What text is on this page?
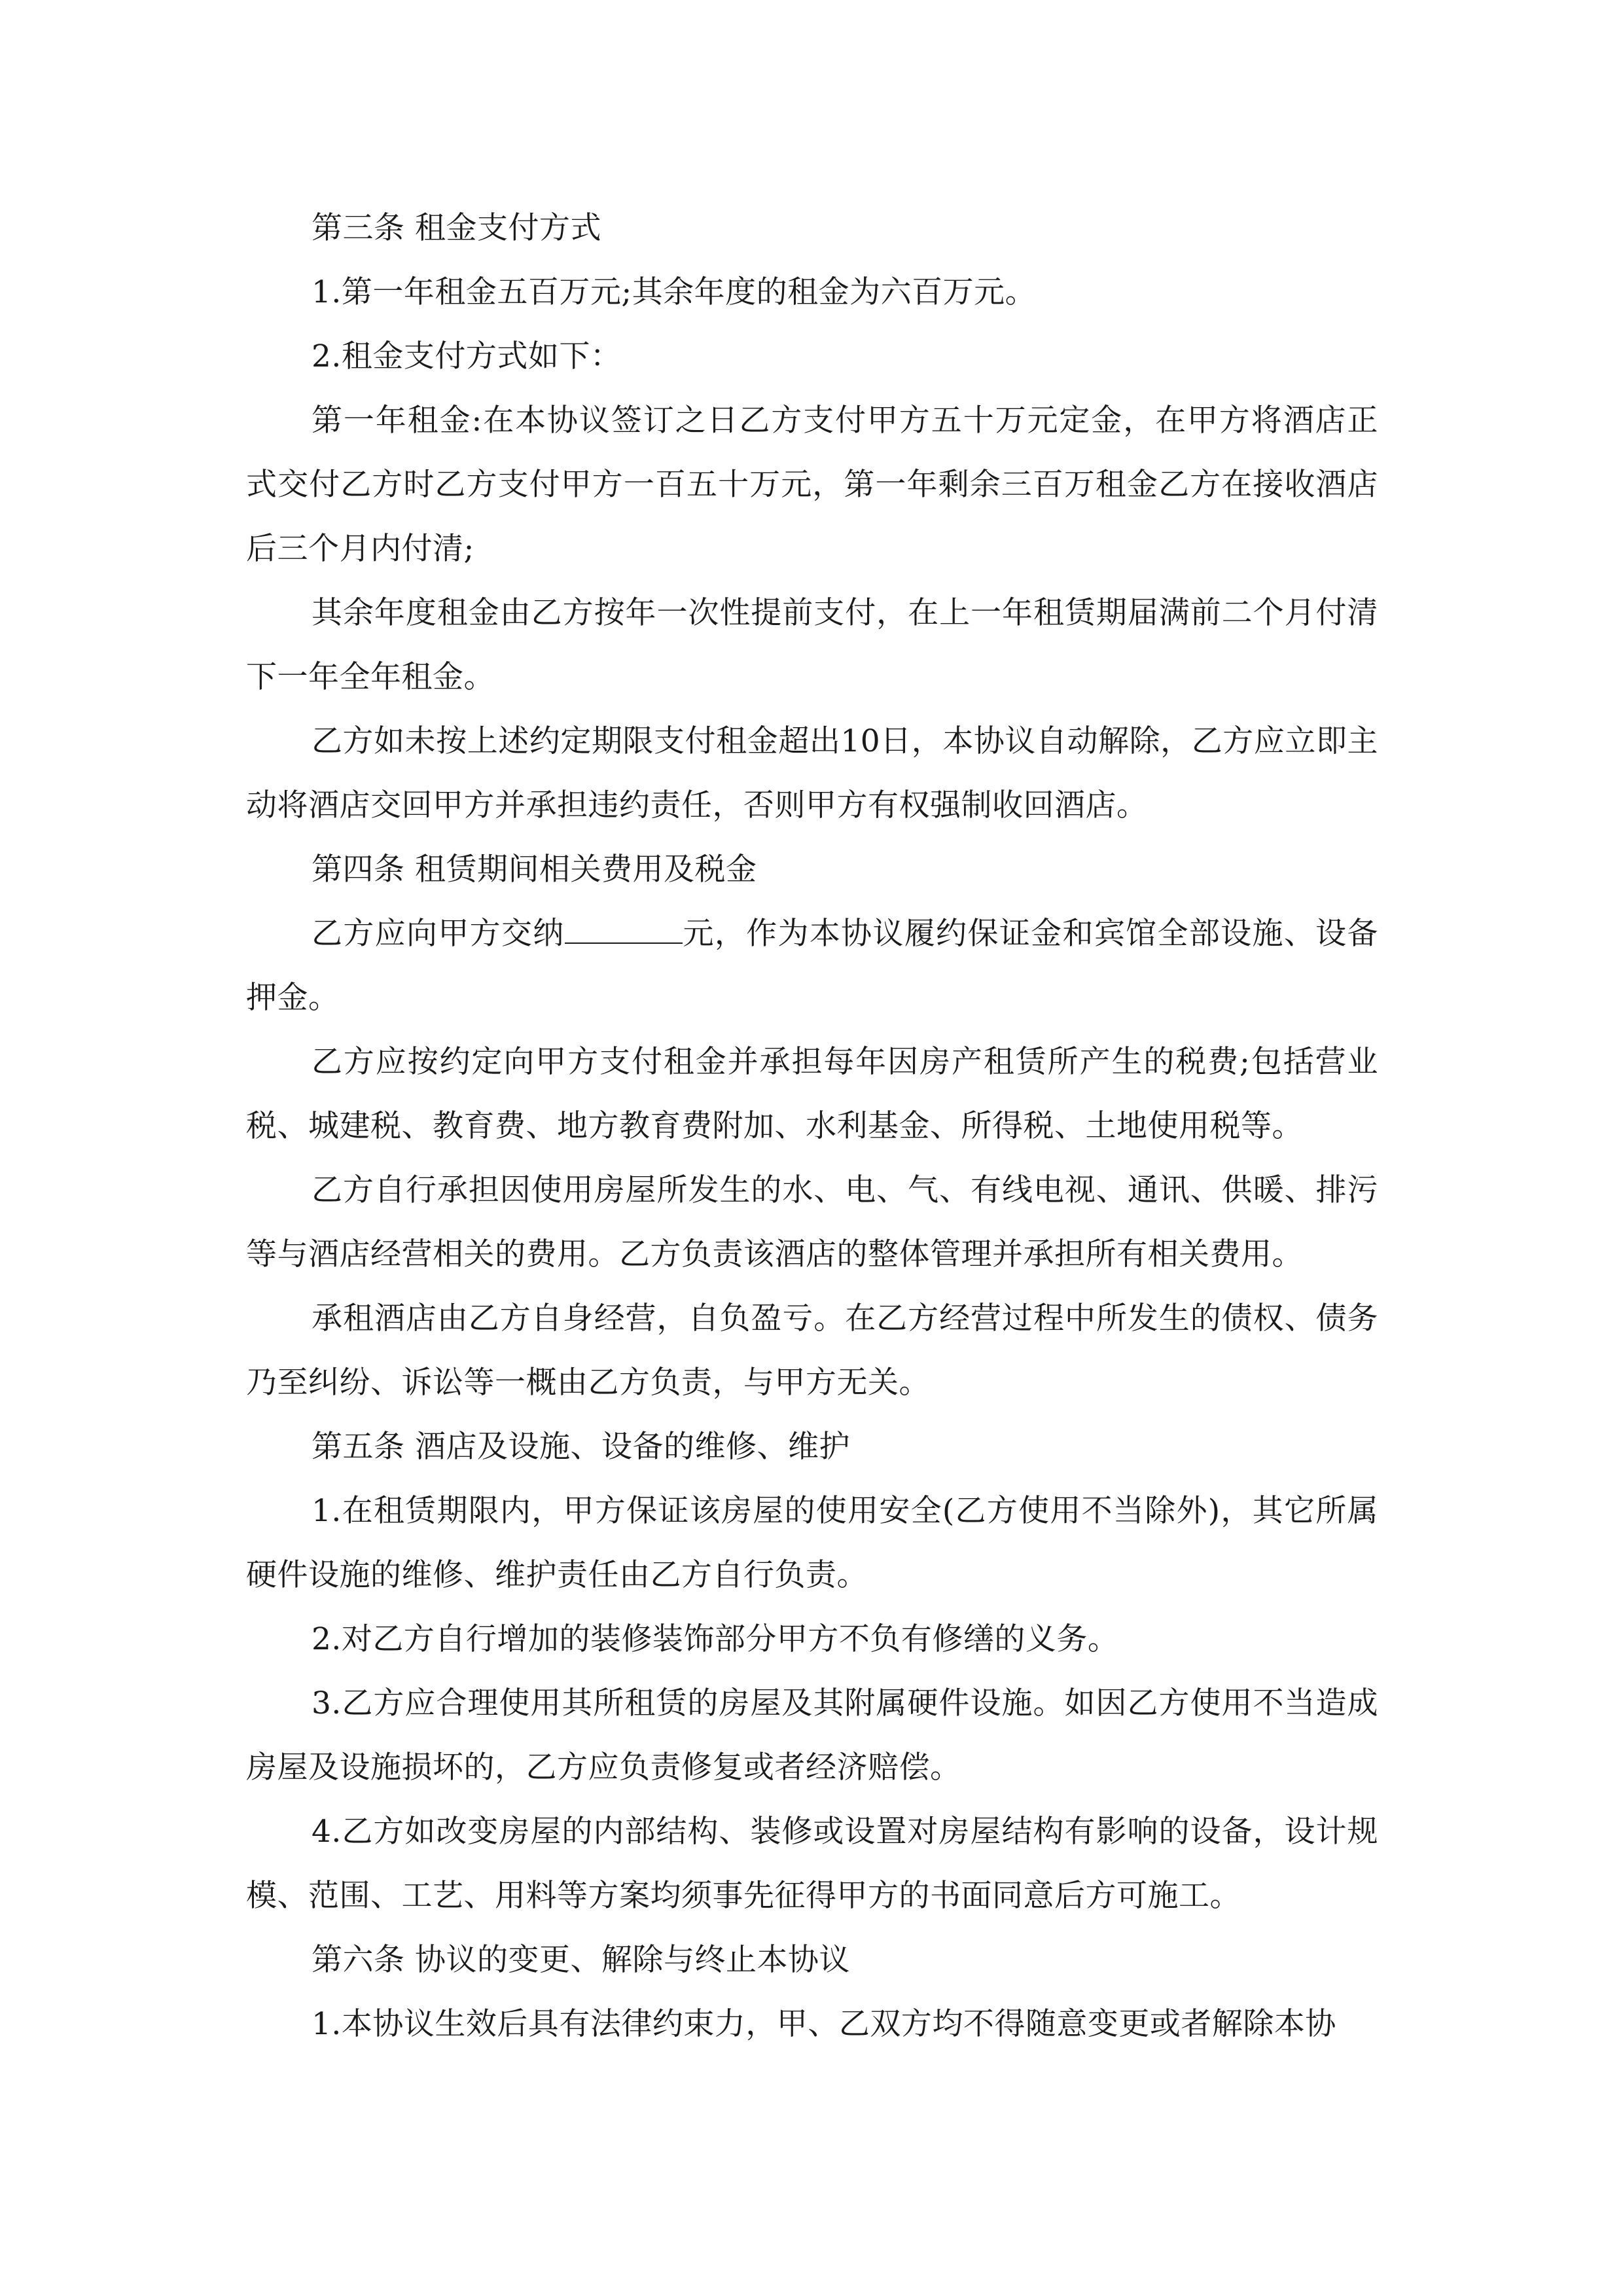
第三条 租金支付方式

1.第一年租金五百万元;其余年度的租金为六百万元。

2.租金支付方式如下：

第一年租金:在本协议签订之日乙方支付甲方五十万元定金，在甲方将酒店正式交付乙方时乙方支付甲方一百五十万元，第一年剩余三百万租金乙方在接收酒店后三个月内付清;

其余年度租金由乙方按年一次性提前支付，在上一年租赁期届满前二个月付清下一年全年租金。

乙方如未按上述约定期限支付租金超出10日，本协议自动解除，乙方应立即主动将酒店交回甲方并承担违约责任，否则甲方有权强制收回酒店。

第四条 租赁期间相关费用及税金

乙方应向甲方交纳	元，作为本协议履约保证金和宾馆全部设施、设备押金。

乙方应按约定向甲方支付租金并承担每年因房产租赁所产生的税费;包括营业税、城建税、教育费、地方教育费附加、水利基金、所得税、土地使用税等。

乙方自行承担因使用房屋所发生的水、电、气、有线电视、通讯、供暖、排污等与酒店经营相关的费用。乙方负责该酒店的整体管理并承担所有相关费用。

承租酒店由乙方自身经营，自负盈亏。在乙方经营过程中所发生的债权、债务乃至纠纷、诉讼等一概由乙方负责，与甲方无关。

第五条 酒店及设施、设备的维修、维护

1.在租赁期限内，甲方保证该房屋的使用安全(乙方使用不当除外)，其它所属硬件设施的维修、维护责任由乙方自行负责。

2.对乙方自行增加的装修装饰部分甲方不负有修缮的义务。

3.乙方应合理使用其所租赁的房屋及其附属硬件设施。如因乙方使用不当造成房屋及设施损坏的，乙方应负责修复或者经济赔偿。

4.乙方如改变房屋的内部结构、装修或设置对房屋结构有影响的设备，设计规模、范围、工艺、用料等方案均须事先征得甲方的书面同意后方可施工。

第六条 协议的变更、解除与终止本协议

1.本协议生效后具有法律约束力，甲、乙双方均不得随意变更或者解除本协
